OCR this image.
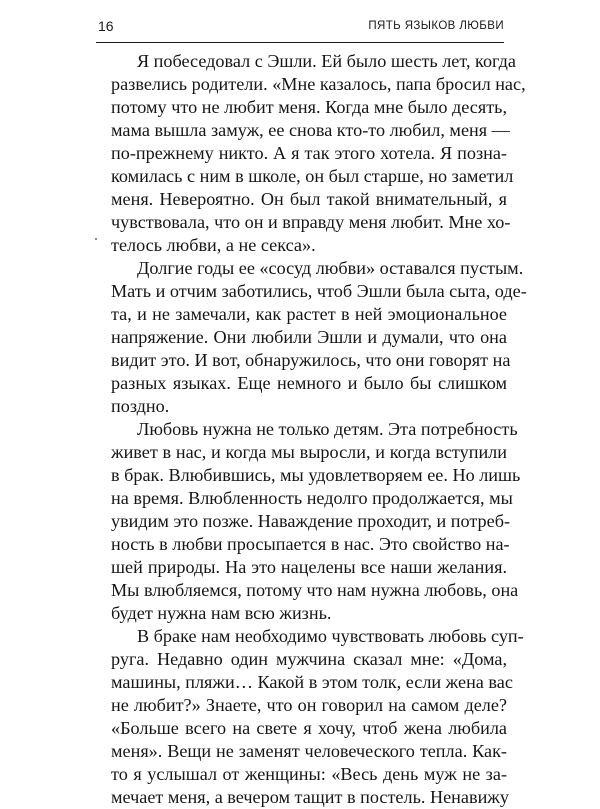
16	ПЯТЬ ЯЗЫКОВ ЛЮБВИ
Я побеседовал с Эшли. Ей было шесть лет, когда
развелись родители. «Мне казалось, папа бросил нас,
потому что не любит меня. Когда мне было десять,
мама вышла замуж, ее снова кто-то любил, меня —
по-прежнему никто. А я так этого хотела. Я позна-
комилась с ним в школе, он был старше, но заметил
меня. Невероятно. Он был такой внимательный, я
чувствовала, что он и вправду меня любит. Мне хо-
телось любви, а не секса».
Долгие годы ее «сосуд любви» оставался пустым.
Мать и отчим заботились, чтоб Эшли была сыта, оде-
та, и не замечали, как растет в ней эмоциональное
напряжение. Они любили Эшли и думали, что она
видит это. И вот, обнаружилось, что они говорят на
разных языках. Еще немного и было бы слишком
поздно.
Любовь нужна не только детям. Эта потребность
живет в нас, и когда мы выросли, и когда вступили
в брак. Влюбившись, мы удовлетворяем ее. Но лишь
на время. Влюбленность недолго продолжается, мы
увидим это позже. Наваждение проходит, и потреб-
ность в любви просыпается в нас. Это свойство на-
шей природы. На это нацелены все наши желания.
Мы влюбляемся, потому что нам нужна любовь, она
будет нужна нам всю жизнь.
В браке нам необходимо чувствовать любовь суп-
руга. Недавно один мужчина сказал мне: «Дома,
машины, пляжи… Какой в этом толк, если жена вас
не любит?» Знаете, что он говорил на самом деле?
«Больше всего на свете я хочу, чтоб жена любила
меня». Вещи не заменят человеческого тепла. Как-
то я услышал от женщины: «Весь день муж не за-
мечает меня, а вечером тащит в постель. Ненавижу
